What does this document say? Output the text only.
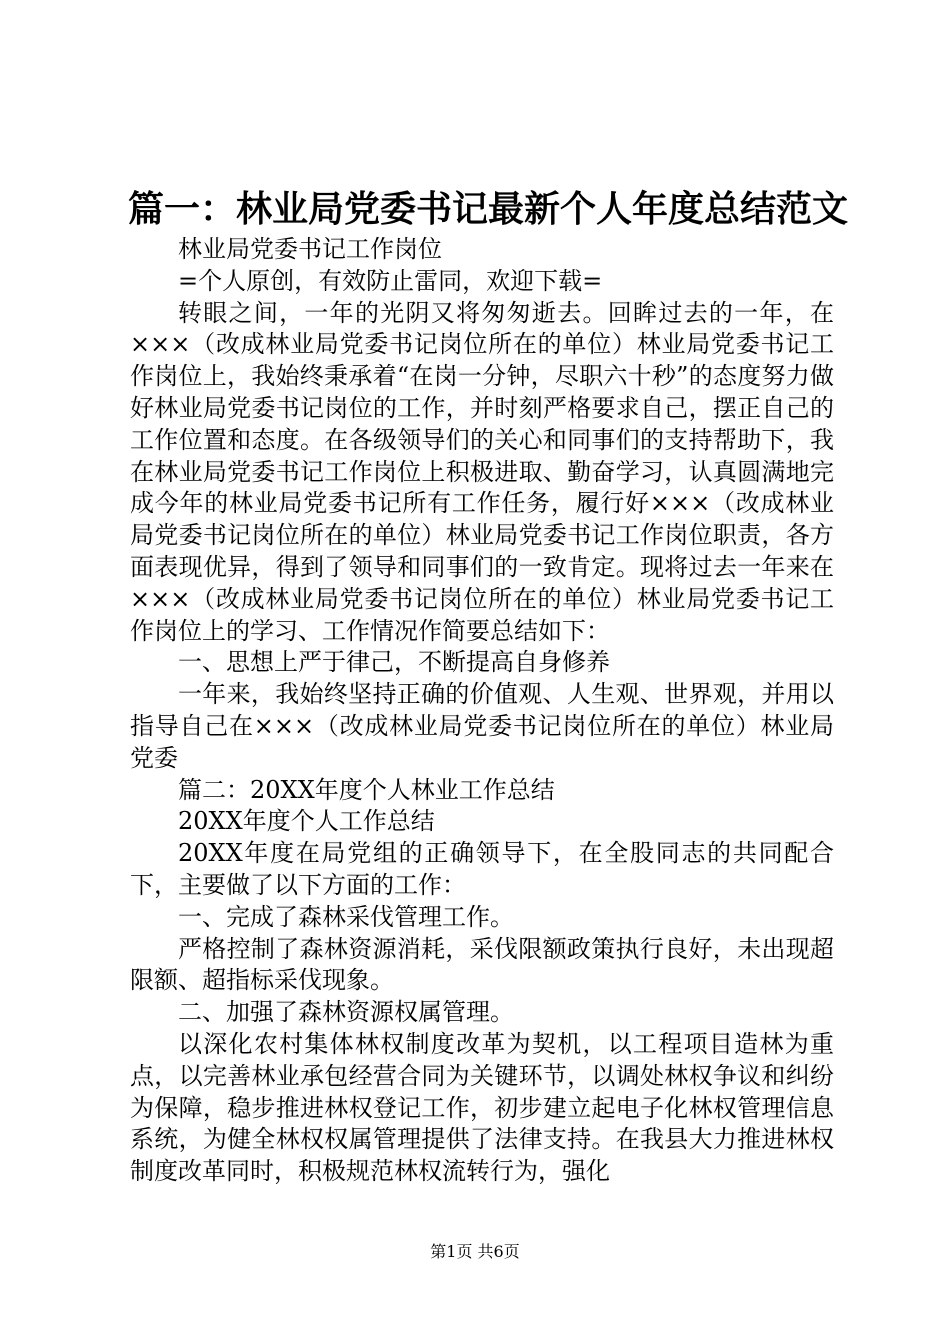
篇一：林业局党委书记最新个人年度总结范文

林业局党委书记工作岗位

=个人原创，有效防止雷同，欢迎下载=

转眼之间，一年的光阴又将匆匆逝去。回眸过去的一年，在×××（改成林业局党委书记岗位所在的单位）林业局党委书记工作岗位上，我始终秉承着“在岗一分钟，尽职六十秒”的态度努力做好林业局党委书记岗位的工作，并时刻严格要求自己，摆正自己的工作位置和态度。在各级领导们的关心和同事们的支持帮助下，我在林业局党委书记工作岗位上积极进取、勤奋学习，认真圆满地完成今年的林业局党委书记所有工作任务，履行好×××（改成林业局党委书记岗位所在的单位）林业局党委书记工作岗位职责，各方面表现优异，得到了领导和同事们的一致肯定。现将过去一年来在×××（改成林业局党委书记岗位所在的单位）林业局党委书记工作岗位上的学习、工作情况作简要总结如下：

一、思想上严于律己，不断提高自身修养

一年来，我始终坚持正确的价值观、人生观、世界观，并用以指导自己在×××（改成林业局党委书记岗位所在的单位）林业局党委

篇二：20XX年度个人林业工作总结

20XX年度个人工作总结

20XX年度在局党组的正确领导下，在全股同志的共同配合下，主要做了以下方面的工作：

一、完成了森林采伐管理工作。

严格控制了森林资源消耗，采伐限额政策执行良好，未出现超限额、超指标采伐现象。

二、加强了森林资源权属管理。

以深化农村集体林权制度改革为契机，以工程项目造林为重点，以完善林业承包经营合同为关键环节，以调处林权争议和纠纷为保障，稳步推进林权登记工作，初步建立起电子化林权管理信息系统，为健全林权权属管理提供了法律支持。在我县大力推进林权制度改革同时，积极规范林权流转行为，强化

第1页 共6页
